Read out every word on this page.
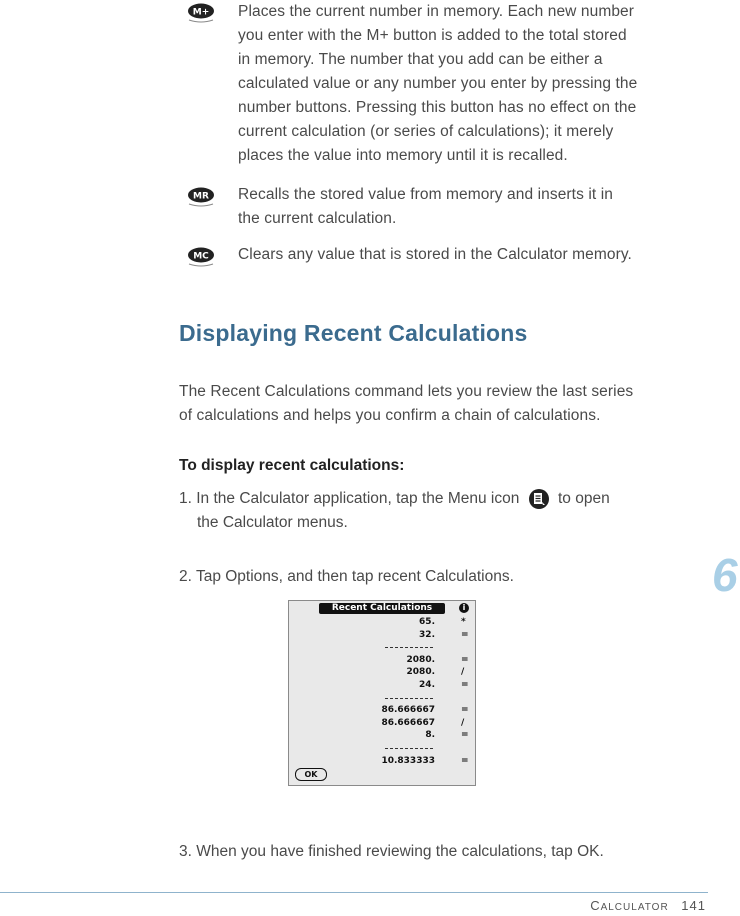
M+ Places the current number in memory. Each new number
you enter with the M+ button is added to the total stored
in memory. The number that you add can be either a
calculated value or any number you enter by pressing the
number buttons. Pressing this button has no effect on the
current calculation (or series of calculations); it merely
places the value into memory until it is recalled.
MR Recalls the stored value from memory and inserts it in
the current calculation.
MC Clears any value that is stored in the Calculator memory.
Displaying Recent Calculations
The Recent Calculations command lets you review the last series
of calculations and helps you confirm a chain of calculations.
To display recent calculations:
1. In the Calculator application, tap the Menu icon to open
the Calculator menus.
2. Tap Options, and then tap recent Calculations.	6
Recent Calculations	i
65.	*
32.	=
2080.	=
2080.	/
24.	=
86.666667	=
86.666667	/
8.	=
10.833333	=
OK
3. When you have finished reviewing the calculations, tap OK.
CALCULATOR 141
